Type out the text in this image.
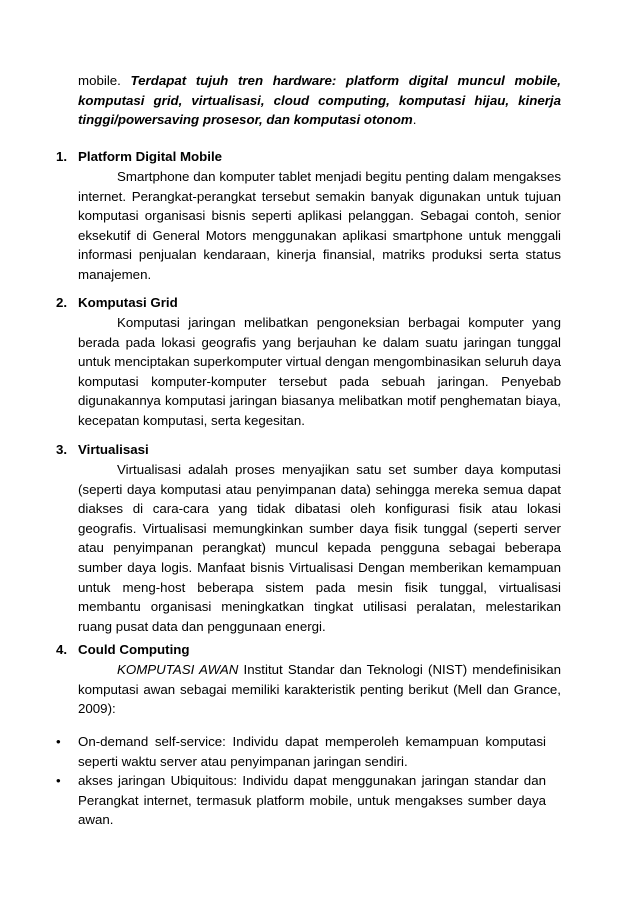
mobile. Terdapat tujuh tren hardware: platform digital muncul mobile, komputasi grid, virtualisasi, cloud computing, komputasi hijau, kinerja tinggi/powersaving prosesor, dan komputasi otonom.
1. Platform Digital Mobile
Smartphone dan komputer tablet menjadi begitu penting dalam mengakses internet. Perangkat-perangkat tersebut semakin banyak digunakan untuk tujuan komputasi organisasi bisnis seperti aplikasi pelanggan. Sebagai contoh, senior eksekutif di General Motors menggunakan aplikasi smartphone untuk menggali informasi penjualan kendaraan, kinerja finansial, matriks produksi serta status manajemen.
2. Komputasi Grid
Komputasi jaringan melibatkan pengoneksian berbagai komputer yang berada pada lokasi geografis yang berjauhan ke dalam suatu jaringan tunggal untuk menciptakan superkomputer virtual dengan mengombinasikan seluruh daya komputasi komputer-komputer tersebut pada sebuah jaringan. Penyebab digunakannya komputasi jaringan biasanya melibatkan motif penghematan biaya, kecepatan komputasi, serta kegesitan.
3. Virtualisasi
Virtualisasi adalah proses menyajikan satu set sumber daya komputasi (seperti daya komputasi atau penyimpanan data) sehingga mereka semua dapat diakses di cara-cara yang tidak dibatasi oleh konfigurasi fisik atau lokasi geografis. Virtualisasi memungkinkan sumber daya fisik tunggal (seperti server atau penyimpanan perangkat) muncul kepada pengguna sebagai beberapa sumber daya logis. Manfaat bisnis Virtualisasi Dengan memberikan kemampuan untuk meng-host beberapa sistem pada mesin fisik tunggal, virtualisasi membantu organisasi meningkatkan tingkat utilisasi peralatan, melestarikan ruang pusat data dan penggunaan energi.
4. Could Computing
KOMPUTASI AWAN Institut Standar dan Teknologi (NIST) mendefinisikan komputasi awan sebagai memiliki karakteristik penting berikut (Mell dan Grance, 2009):
•	On-demand self-service: Individu dapat memperoleh kemampuan komputasi seperti waktu server atau penyimpanan jaringan sendiri.
•	akses jaringan Ubiquitous: Individu dapat menggunakan jaringan standar dan Perangkat internet, termasuk platform mobile, untuk mengakses sumber daya awan.
